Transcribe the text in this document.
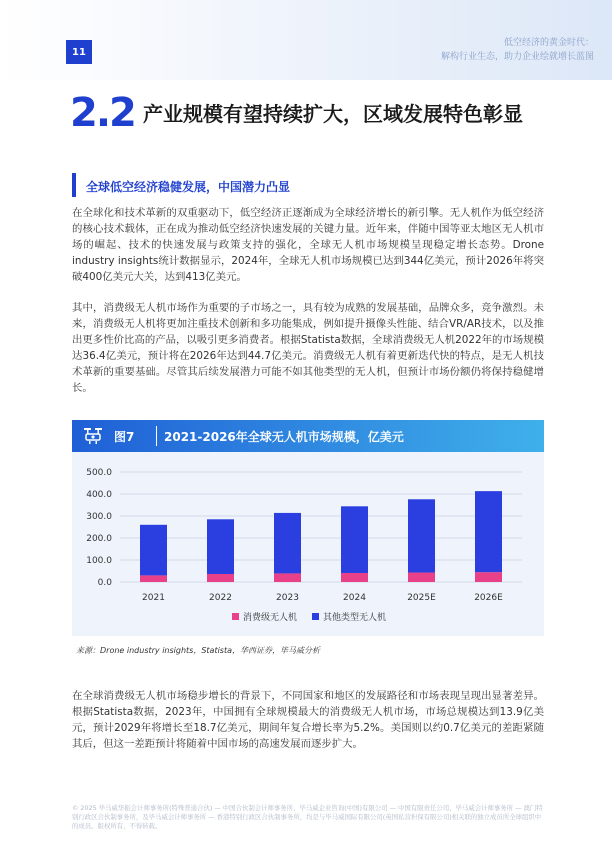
11
低空经济的黄金时代：
解构行业生态，助力企业绘就增长蓝图
2.2 产业规模有望持续扩大，区域发展特色彰显
全球低空经济稳健发展，中国潜力凸显

在全球化和技术革新的双重驱动下，低空经济正逐渐成为全球经济增长的新引擎。无人机作为低空经济的核心技术载体，正在成为推动低空经济快速发展的关键力量。近年来，伴随中国等亚太地区无人机市场的崛起、技术的快速发展与政策支持的强化，全球无人机市场规模呈现稳定增长态势。Drone industry insights统计数据显示，2024年，全球无人机市场规模已达到344亿美元，预计2026年将突破400亿美元大关，达到413亿美元。

其中，消费级无人机市场作为重要的子市场之一，具有较为成熟的发展基础，品牌众多，竞争激烈。未来，消费级无人机将更加注重技术创新和多功能集成，例如提升摄像头性能、结合VR/AR技术，以及推出更多性价比高的产品，以吸引更多消费者。根据Statista数据，全球消费级无人机2022年的市场规模达36.4亿美元，预计将在2026年达到44.7亿美元。消费级无人机有着更新迭代快的特点，是无人机技术革新的重要基础。尽管其后续发展潜力可能不如其他类型的无人机，但预计市场份额仍将保持稳健增长。

图7 2021-2026年全球无人机市场规模，亿美元
0.0
100.0
200.0
300.0
400.0
500.0
2021	2022	2023	2024	2025E	2026E
消费级无人机	其他类型无人机
来源：Drone industry insights，Statista，华西证券，毕马威分析

在全球消费级无人机市场稳步增长的背景下，不同国家和地区的发展路径和市场表现呈现出显著差异。根据Statista数据，2023年，中国拥有全球规模最大的消费级无人机市场，市场总规模达到13.9亿美元，预计2029年将增长至18.7亿美元，期间年复合增长率为5.2%。美国则以约0.7亿美元的差距紧随其后，但这一差距预计将随着中国市场的高速发展而逐步扩大。

© 2025 毕马威华振会计师事务所(特殊普通合伙) — 中国合伙制会计师事务所、毕马威企业咨询(中国)有限公司 — 中国有限责任公司、毕马威会计师事务所 — 澳门特别行政区合伙制事务所，及毕马威会计师事务所 — 香港特别行政区合伙制事务所，均是与毕马威国际有限公司(英国私营担保有限公司)相关联的独立成员所全球组织中的成员。版权所有，不得转载。
